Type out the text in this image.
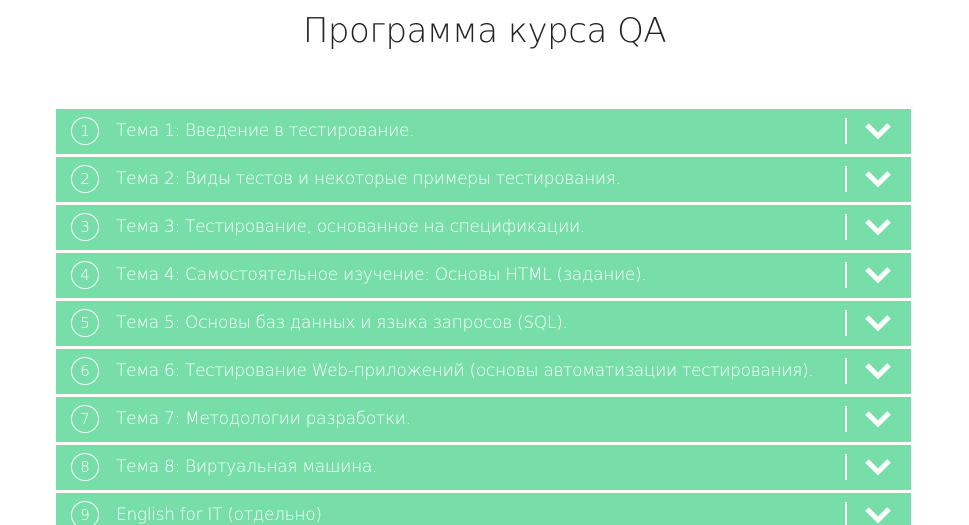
Программа курса QA
1	Тема 1: Введение в тестирование.
2	Тема 2: Виды тестов и некоторые примеры тестирования.
3	Тема 3: Тестирование, основанное на спецификации.
4	Тема 4: Самостоятельное изучение: Основы HTML (задание).
5	Тема 5: Основы баз данных и языка запросов (SQL).
6	Тема 6: Тестирование Web-приложений (основы автоматизации тестирования).
7	Тема 7: Методологии разработки.
8	Тема 8: Виртуальная машина.
9	English for IT (отдельно)
